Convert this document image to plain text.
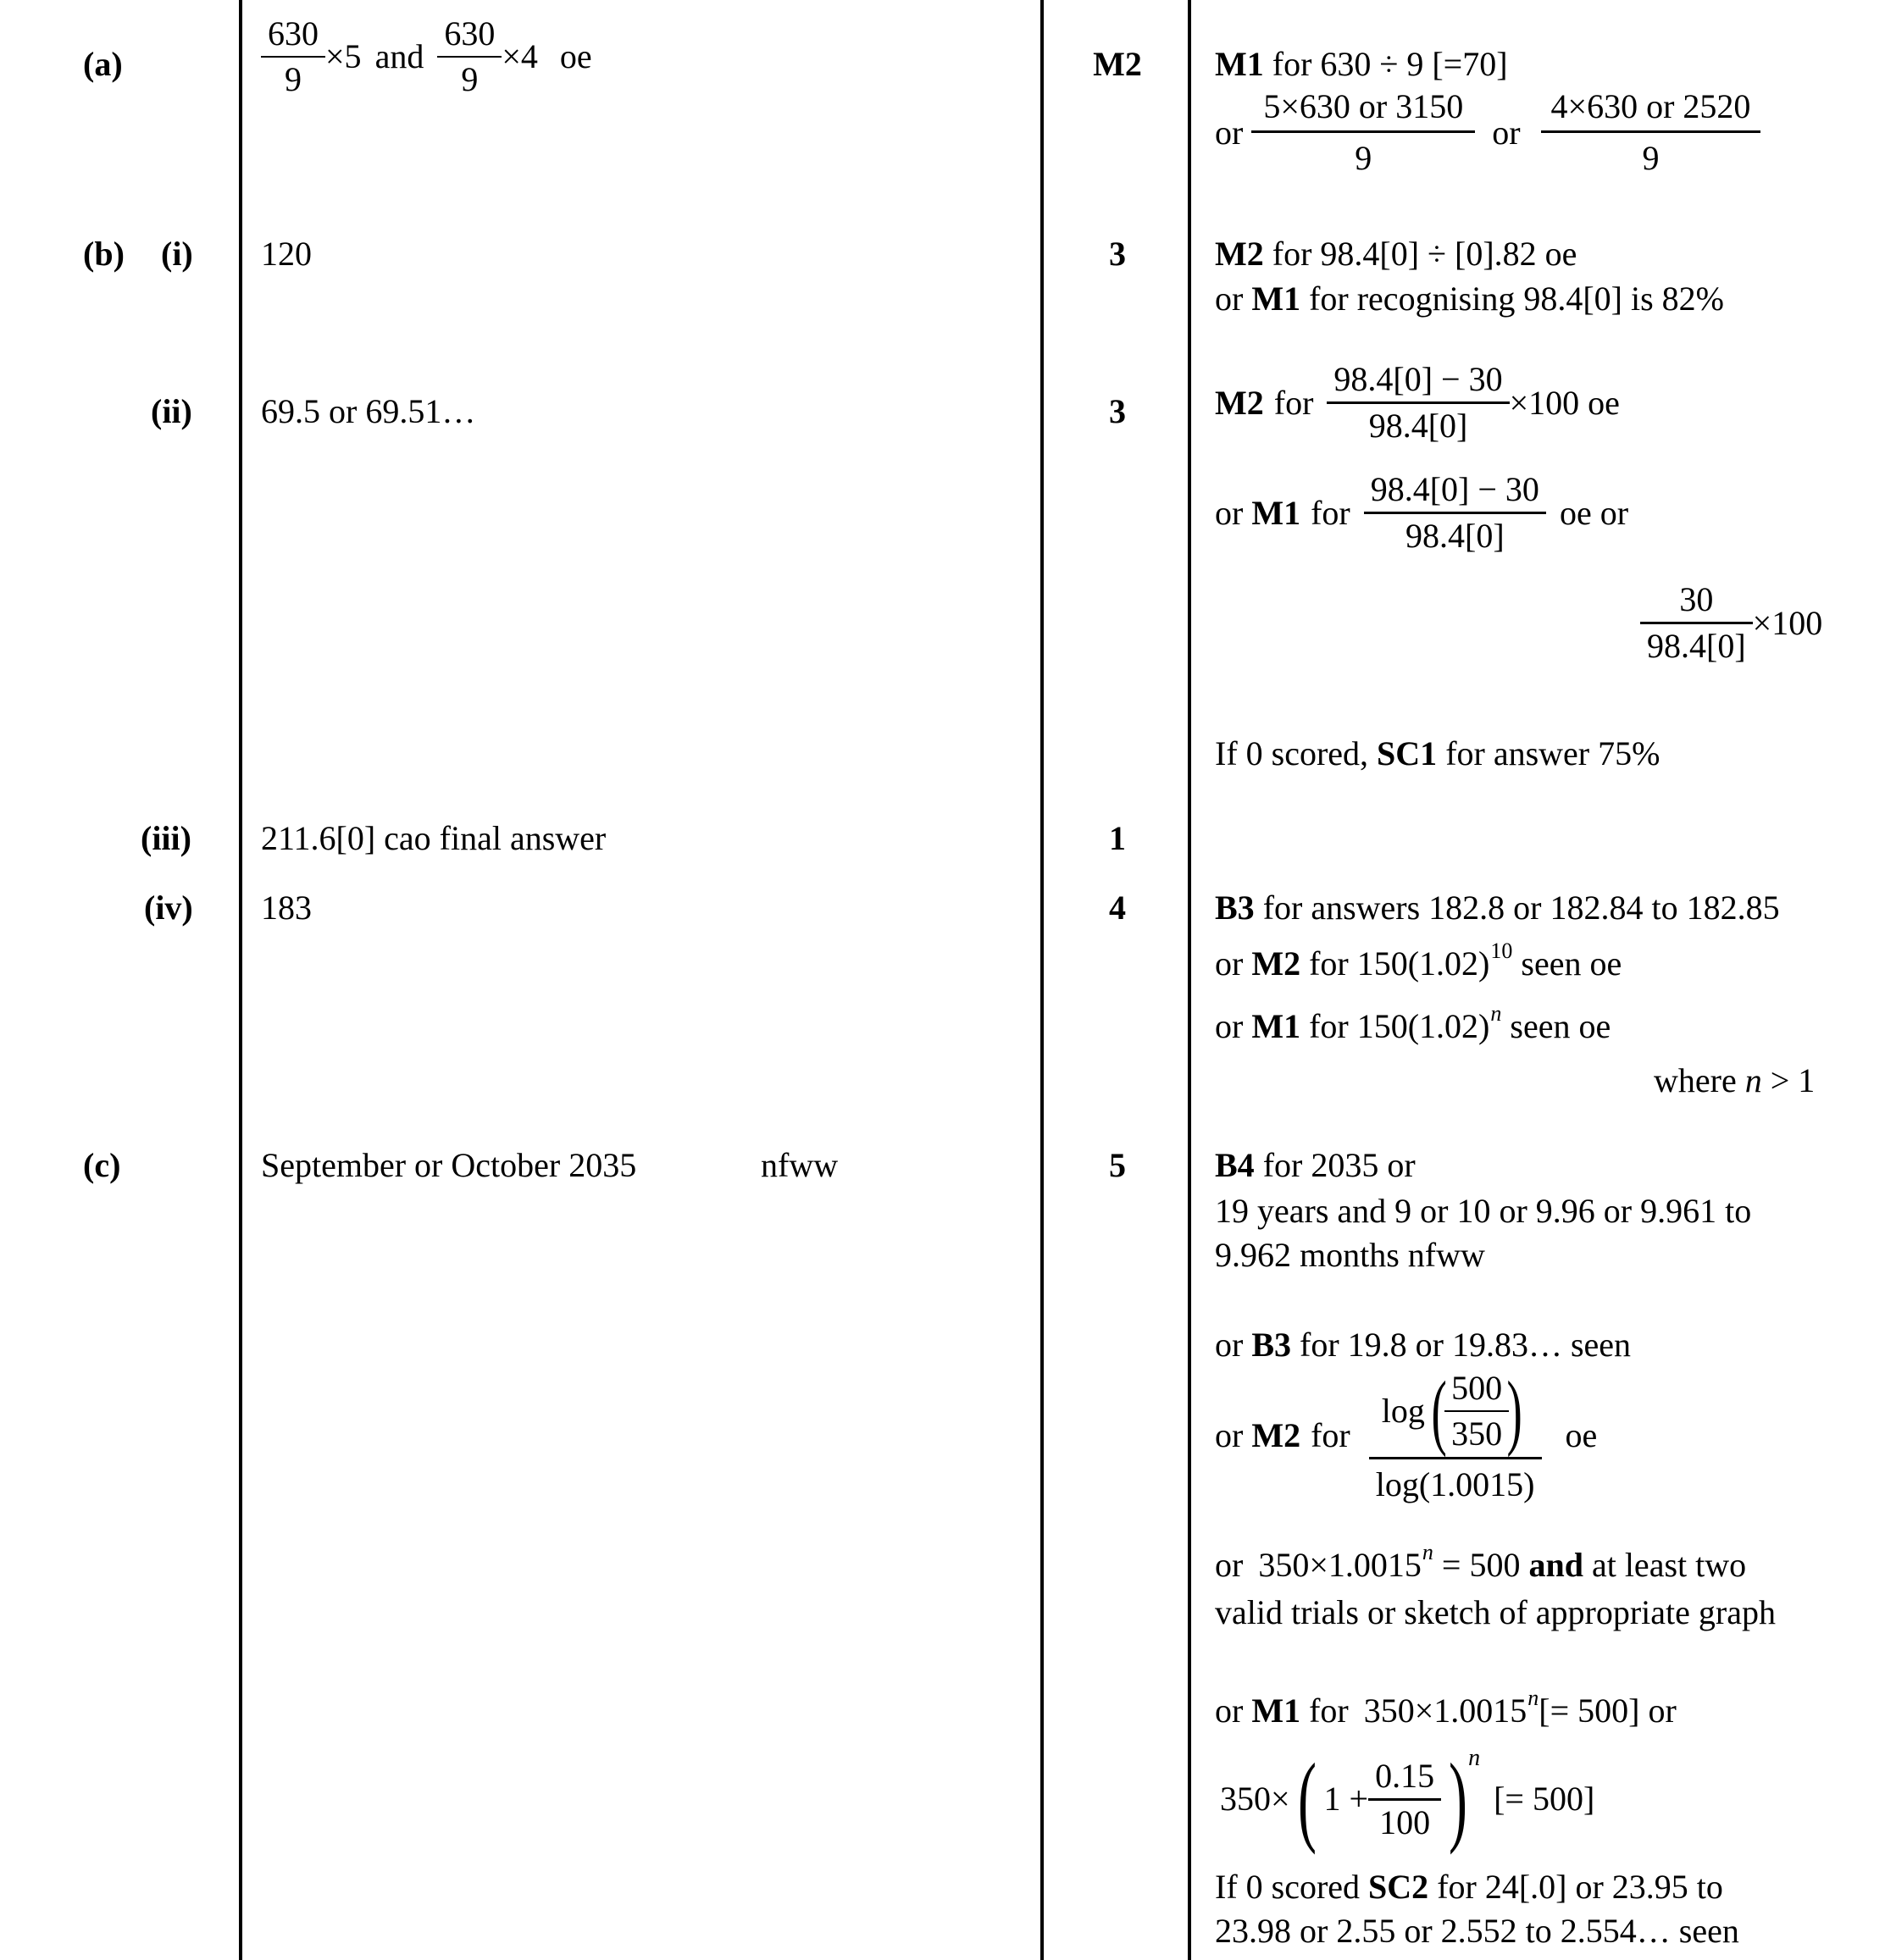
(a)	$\frac{630}{9} \times 5$ and $\frac{630}{9} \times 4$ oe	M2	M1 for 630 ÷ 9 [=70]
or $\frac{5\times 630 or 3150}{9}$ or $\frac{4\times 630 or 2520}{9}$
(b) (i) 120	3	M2 for 98.4[0] ÷ [0].82 oe
or M1 for recognising 98.4[0] is 82%
(ii) 69.5 or 69.51…	3	M2 for $\frac{98.4[0] - 30}{98.4[0]} \times 100$ oe
or M1 for $\frac{98.4[0] - 30}{98.4[0]}$ oe or
$\frac{30}{98.4[0]} \times 100$
If 0 scored, SC1 for answer 75%
(iii) 211.6[0] cao final answer	1
(iv) 183	4	B3 for answers 182.8 or 182.84 to 182.85
or M2 for $150(1.02)^{10}$ seen oe
or M1 for $150(1.02)^n$ seen oe
where n > 1
(c)	September or October 2035	nfww	5	B4 for 2035 or
19 years and 9 or 10 or 9.96 or 9.961 to
9.962 months nfww
or B3 for 19.8 or 19.83… seen
or M2 for $\frac{\log ( \frac{500}{350} )}{\log(1.0015)}$ oe
or $350\times 1.0015^n = 500$ and at least two
valid trials or sketch of appropriate graph
or M1 for $350\times 1.0015^n[= 500]$ or
350× ( $1 + \frac{0.15}{100}$ ) n
[= 500]
If 0 scored SC2 for 24[.0] or 23.95 to
23.98 or 2.55 or 2.552 to 2.554… seen
